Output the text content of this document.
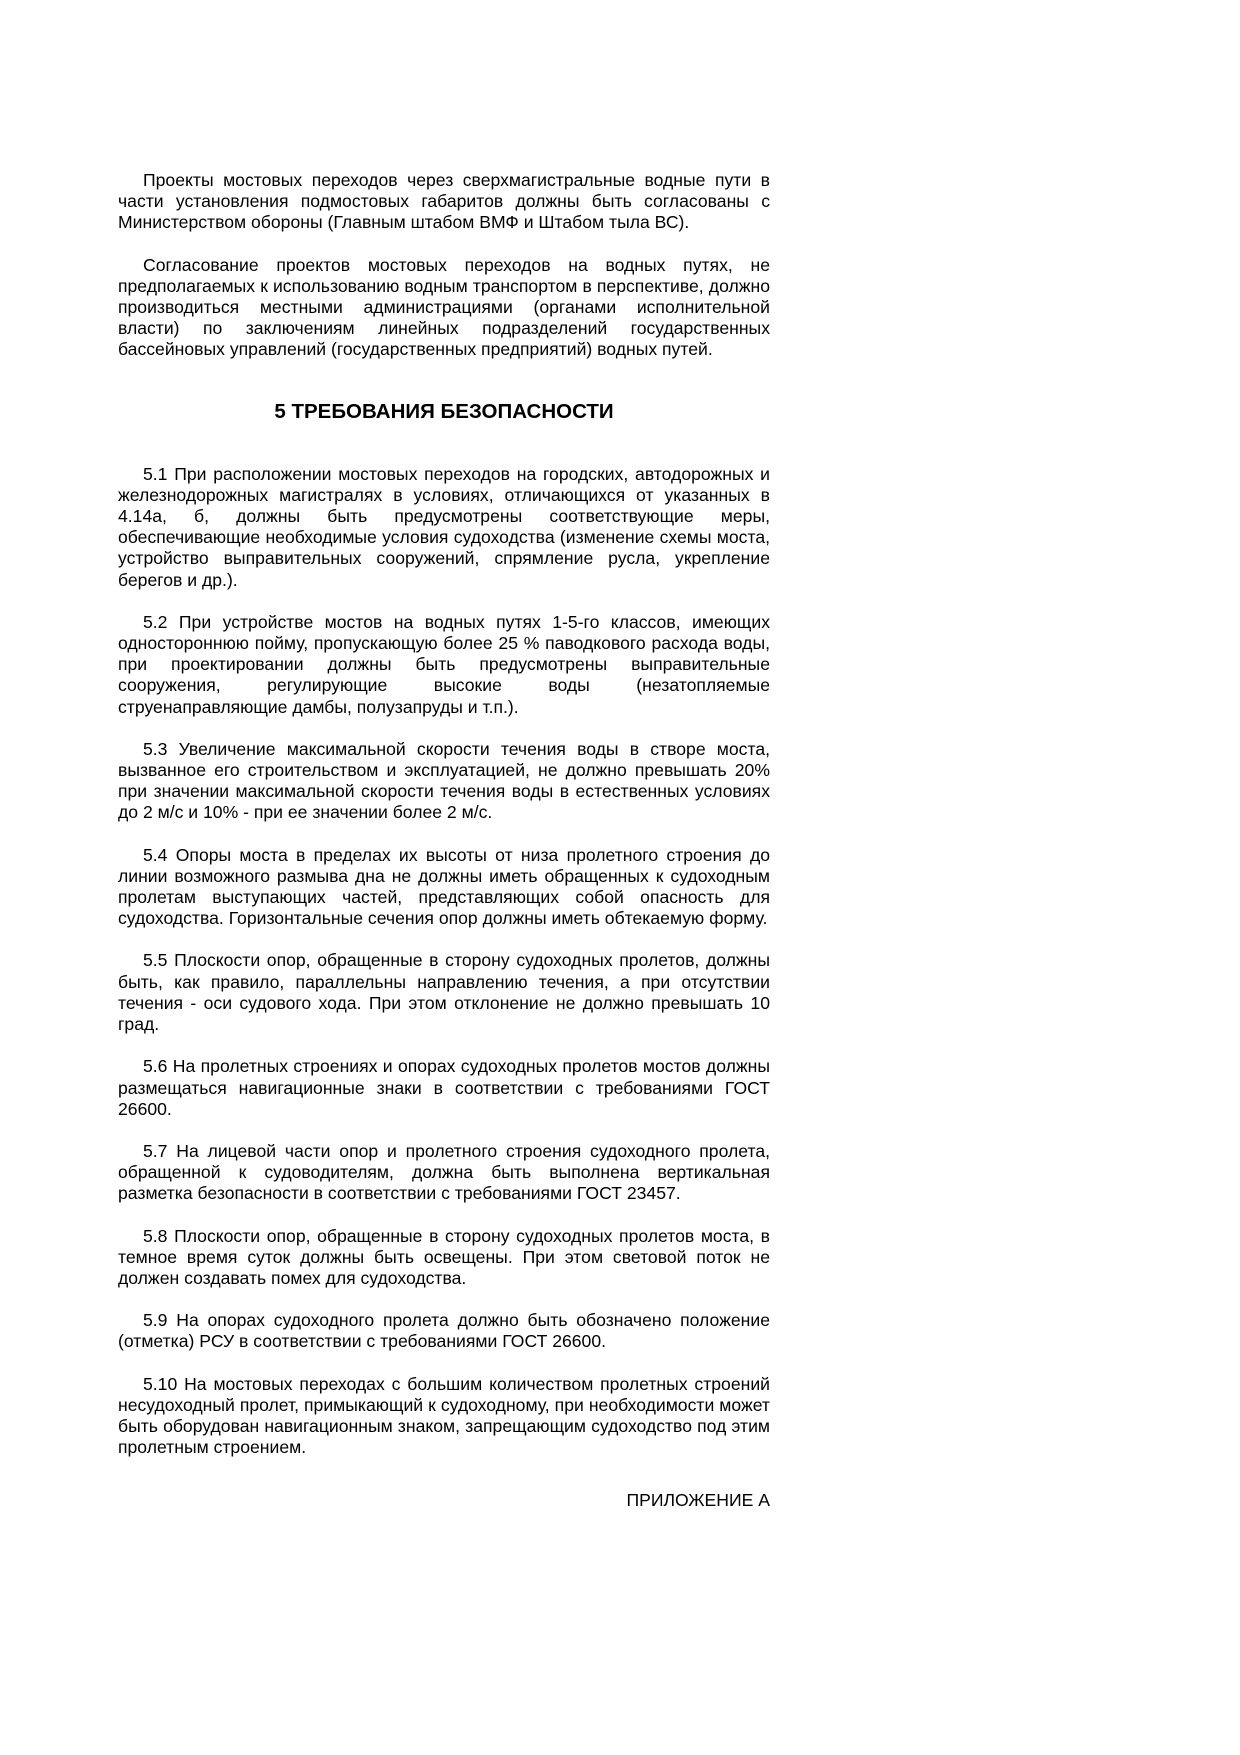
Проекты мостовых переходов через сверхмагистральные водные пути в части установления подмостовых габаритов должны быть согласованы с Министерством обороны (Главным штабом ВМФ и Штабом тыла ВС).

Согласование проектов мостовых переходов на водных путях, не предполагаемых к использованию водным транспортом в перспективе, должно производиться местными администрациями (органами исполнительной власти) по заключениям линейных подразделений государственных бассейновых управлений (государственных предприятий) водных путей.

5 ТРЕБОВАНИЯ БЕЗОПАСНОСТИ

5.1 При расположении мостовых переходов на городских, автодорожных и железнодорожных магистралях в условиях, отличающихся от указанных в 4.14а, б, должны быть предусмотрены соответствующие меры, обеспечивающие необходимые условия судоходства (изменение схемы моста, устройство выправительных сооружений, спрямление русла, укрепление берегов и др.).

5.2 При устройстве мостов на водных путях 1-5-го классов, имеющих одностороннюю пойму, пропускающую более 25 % паводкового расхода воды, при проектировании должны быть предусмотрены выправительные сооружения, регулирующие высокие воды (незатопляемые струенаправляющие дамбы, полузапруды и т.п.).

5.3 Увеличение максимальной скорости течения воды в створе моста, вызванное его строительством и эксплуатацией, не должно превышать 20% при значении максимальной скорости течения воды в естественных условиях до 2 м/с и 10% - при ее значении более 2 м/с.

5.4 Опоры моста в пределах их высоты от низа пролетного строения до линии возможного размыва дна не должны иметь обращенных к судоходным пролетам выступающих частей, представляющих собой опасность для судоходства. Горизонтальные сечения опор должны иметь обтекаемую форму.

5.5 Плоскости опор, обращенные в сторону судоходных пролетов, должны быть, как правило, параллельны направлению течения, а при отсутствии течения - оси судового хода. При этом отклонение не должно превышать 10 град.

5.6 На пролетных строениях и опорах судоходных пролетов мостов должны размещаться навигационные знаки в соответствии с требованиями ГОСТ 26600.

5.7 На лицевой части опор и пролетного строения судоходного пролета, обращенной к судоводителям, должна быть выполнена вертикальная разметка безопасности в соответствии с требованиями ГОСТ 23457.

5.8 Плоскости опор, обращенные в сторону судоходных пролетов моста, в темное время суток должны быть освещены. При этом световой поток не должен создавать помех для судоходства.

5.9 На опорах судоходного пролета должно быть обозначено положение (отметка) РСУ в соответствии с требованиями ГОСТ 26600.

5.10 На мостовых переходах с большим количеством пролетных строений несудоходный пролет, примыкающий к судоходному, при необходимости может быть оборудован навигационным знаком, запрещающим судоходство под этим пролетным строением.

ПРИЛОЖЕНИЕ А
